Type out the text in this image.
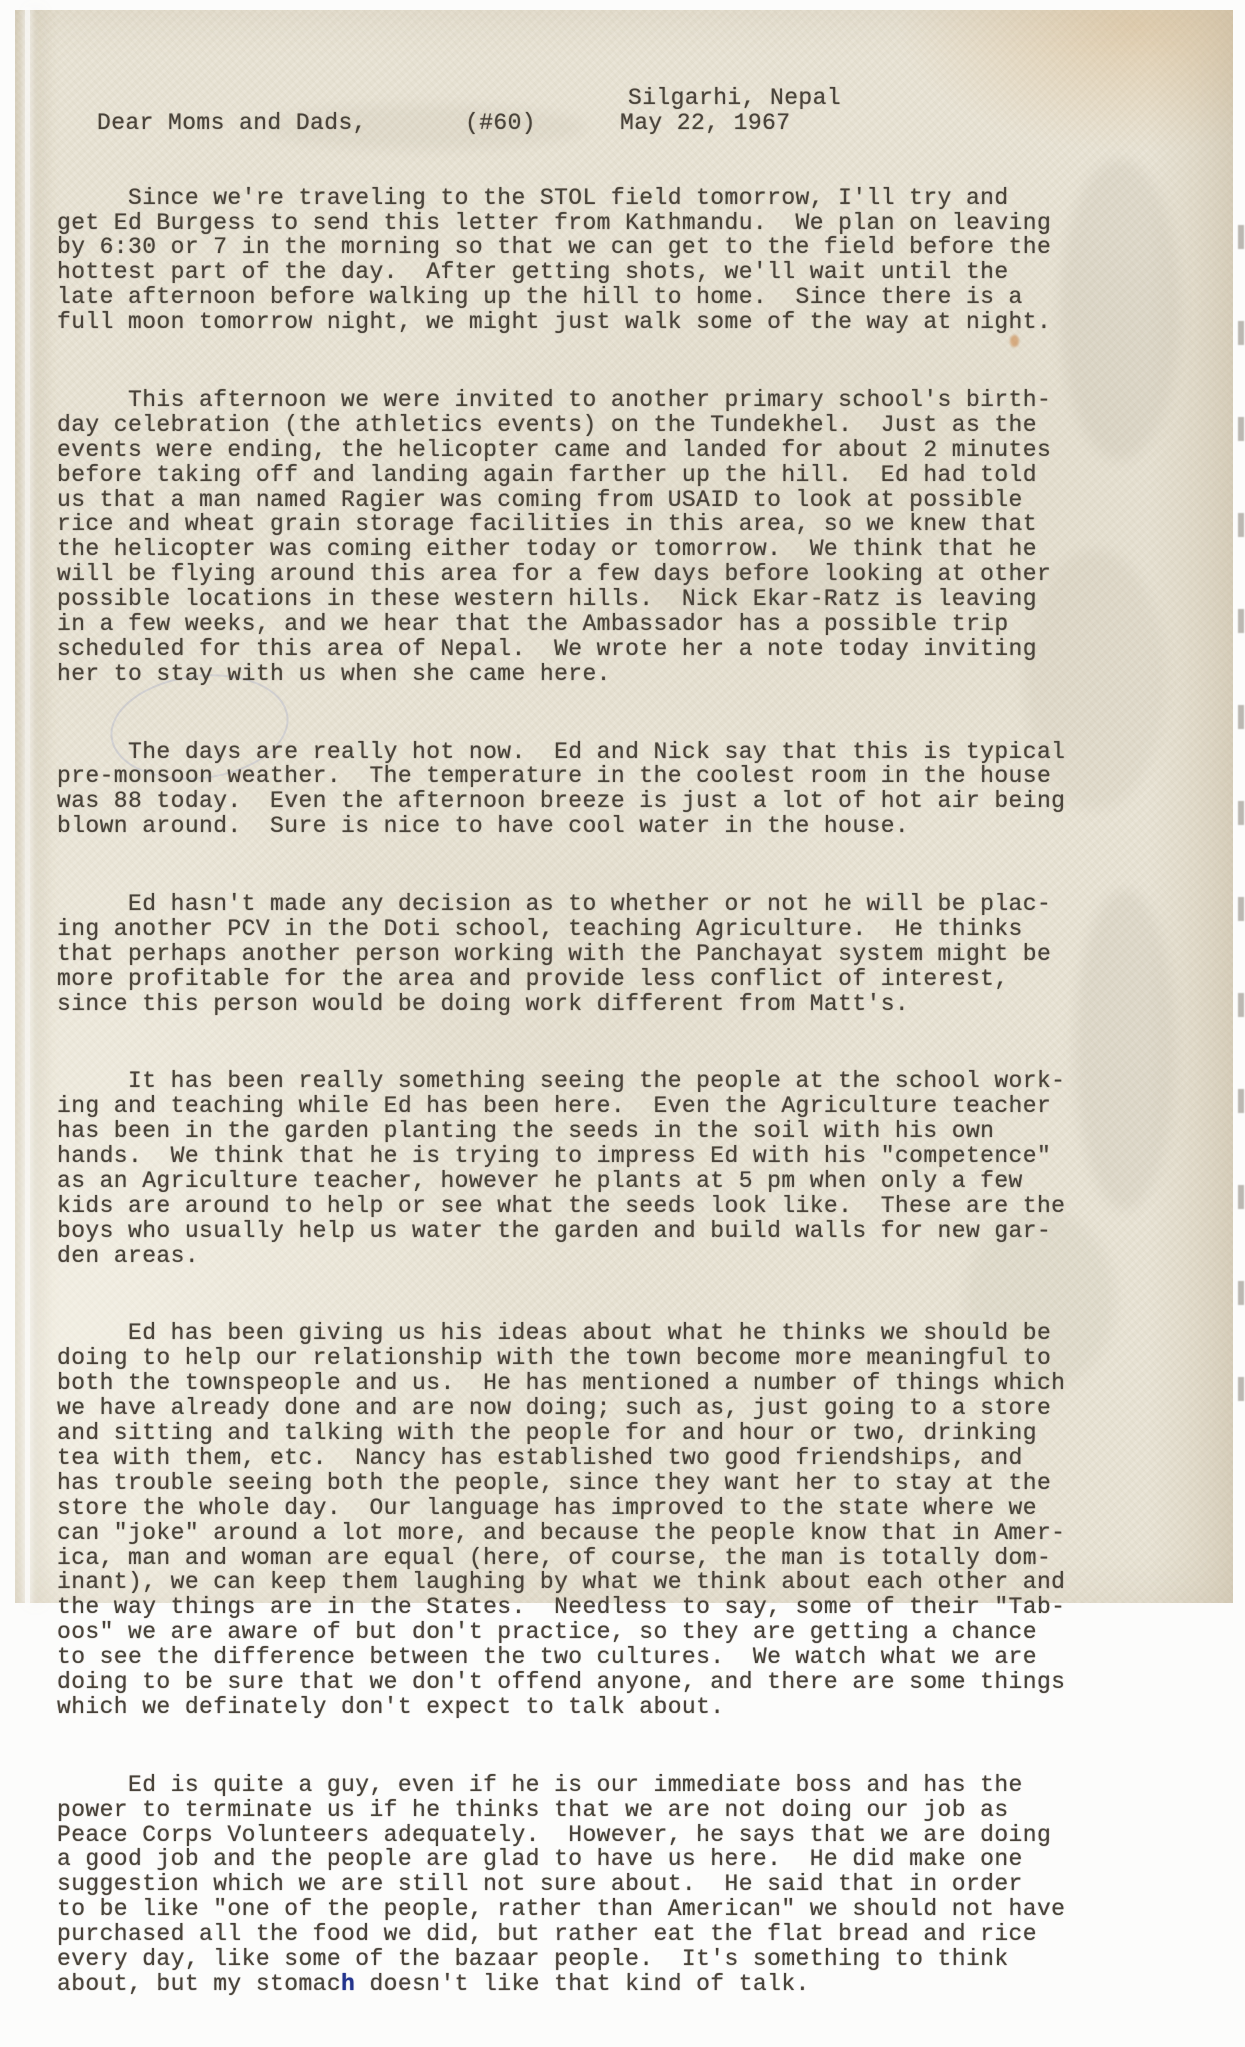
Silgarhi, Nepal
Dear Moms and Dads,	(#60)	May 22, 1967

Since we're traveling to the STOL field tomorrow, I'll try and
get Ed Burgess to send this letter from Kathmandu.  We plan on leaving
by 6:30 or 7 in the morning so that we can get to the field before the
hottest part of the day.  After getting shots, we'll wait until the
late afternoon before walking up the hill to home.  Since there is a
full moon tomorrow night, we might just walk some of the way at night.

This afternoon we were invited to another primary school's birth-
day celebration (the athletics events) on the Tundekhel.  Just as the
events were ending, the helicopter came and landed for about 2 minutes
before taking off and landing again farther up the hill.  Ed had told
us that a man named Ragier was coming from USAID to look at possible
rice and wheat grain storage facilities in this area, so we knew that
the helicopter was coming either today or tomorrow.  We think that he
will be flying around this area for a few days before looking at other
possible locations in these western hills.  Nick Ekar-Ratz is leaving
in a few weeks, and we hear that the Ambassador has a possible trip
scheduled for this area of Nepal.  We wrote her a note today inviting
her to stay with us when she came here.

The days are really hot now.  Ed and Nick say that this is typical
pre-monsoon weather.  The temperature in the coolest room in the house
was 88 today.  Even the afternoon breeze is just a lot of hot air being
blown around.  Sure is nice to have cool water in the house.

Ed hasn't made any decision as to whether or not he will be plac-
ing another PCV in the Doti school, teaching Agriculture.  He thinks
that perhaps another person working with the Panchayat system might be
more profitable for the area and provide less conflict of interest,
since this person would be doing work different from Matt's.

It has been really something seeing the people at the school work-
ing and teaching while Ed has been here.  Even the Agriculture teacher
has been in the garden planting the seeds in the soil with his own
hands.  We think that he is trying to impress Ed with his "competence"
as an Agriculture teacher, however he plants at 5 pm when only a few
kids are around to help or see what the seeds look like.  These are the
boys who usually help us water the garden and build walls for new gar-
den areas.

Ed has been giving us his ideas about what he thinks we should be
doing to help our relationship with the town become more meaningful to
both the townspeople and us.  He has mentioned a number of things which
we have already done and are now doing; such as, just going to a store
and sitting and talking with the people for and hour or two, drinking
tea with them, etc.  Nancy has established two good friendships, and
has trouble seeing both the people, since they want her to stay at the
store the whole day.  Our language has improved to the state where we
can "joke" around a lot more, and because the people know that in Amer-
ica, man and woman are equal (here, of course, the man is totally dom-
inant), we can keep them laughing by what we think about each other and
the way things are in the States.  Needless to say, some of their "Tab-
oos" we are aware of but don't practice, so they are getting a chance
to see the difference between the two cultures.  We watch what we are
doing to be sure that we don't offend anyone, and there are some things
which we definately don't expect to talk about.

Ed is quite a guy, even if he is our immediate boss and has the
power to terminate us if he thinks that we are not doing our job as
Peace Corps Volunteers adequately.  However, he says that we are doing
a good job and the people are glad to have us here.  He did make one
suggestion which we are still not sure about.  He said that in order
to be like "one of the people, rather than American" we should not have
purchased all the food we did, but rather eat the flat bread and rice
every day, like some of the bazaar people.  It's something to think
about, but my stomach doesn't like that kind of talk.
